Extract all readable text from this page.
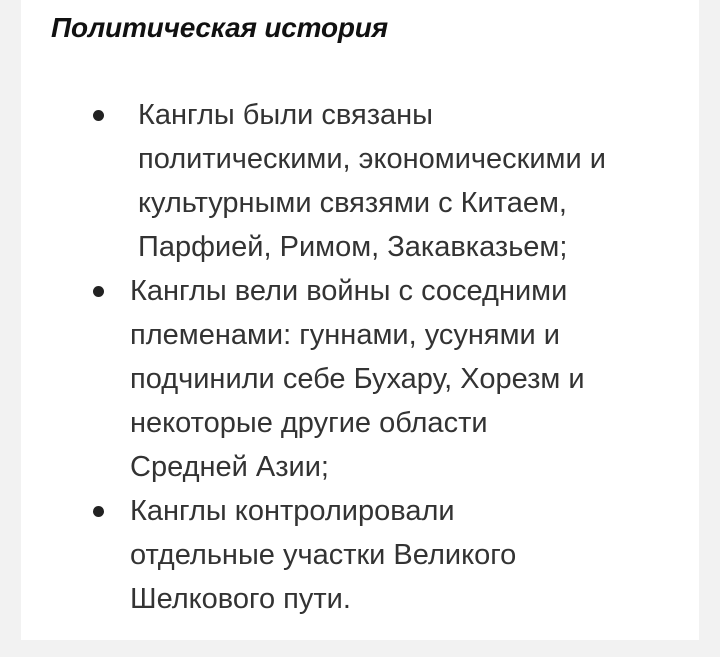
Политическая история
Канглы были связаны
политическими, экономическими и
культурными связями с Китаем,
Парфией, Римом, Закавказьем;
Канглы вели войны с соседними
племенами: гуннами, усунями и
подчинили себе Бухару, Хорезм и
некоторые другие области
Средней Азии;
Канглы контролировали
отдельные участки Великого
Шелкового пути.
